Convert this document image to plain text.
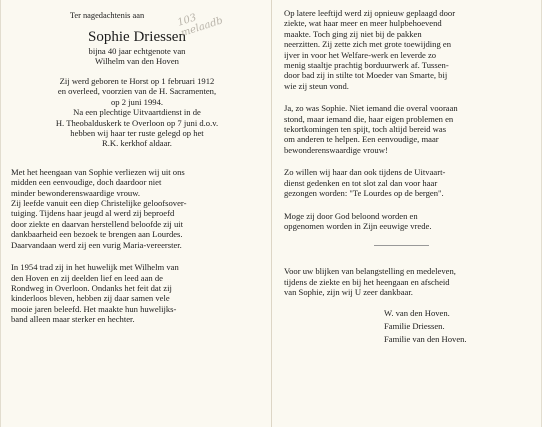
Ter nagedachtenis aan
Sophie Driessen
bijna 40 jaar echtgenote van
Wilhelm van den Hoven
103
melaadb

Zij werd geboren te Horst op 1 februari 1912

en overleed, voorzien van de H. Sacramenten,

op 2 juni 1994.

Na een plechtige Uitvaartdienst in de

H. Theobalduskerk te Overloon op 7 juni d.o.v.

hebben wij haar ter ruste gelegd op het

R.K. kerkhof aldaar.

Met het heengaan van Sophie verliezen wij uit ons

midden een eenvoudige, doch daardoor niet

minder bewonderenswaardige vrouw.

Zij leefde vanuit een diep Christelijke geloofsover-

tuiging. Tijdens haar jeugd al werd zij beproefd

door ziekte en daarvan herstellend beloofde zij uit

dankbaarheid een bezoek te brengen aan Lourdes.

Daarvandaan werd zij een vurig Maria-vereerster.

In 1954 trad zij in het huwelijk met Wilhelm van

den Hoven en zij deelden lief en leed aan de

Rondweg in Overloon. Ondanks het feit dat zij

kinderloos bleven, hebben zij daar samen vele

mooie jaren beleefd. Het maakte hun huwelijks-

band alleen maar sterker en hechter.

Op latere leeftijd werd zij opnieuw geplaagd door

ziekte, wat haar meer en meer hulpbehoevend

maakte. Toch ging zij niet bij de pakken

neerzitten. Zij zette zich met grote toewijding en

ijver in voor het Welfare-werk en leverde zo

menig staaltje prachtig borduurwerk af. Tussen-

door bad zij in stilte tot Moeder van Smarte, bij

wie zij steun vond.

Ja, zo was Sophie. Niet iemand die overal vooraan

stond, maar iemand die, haar eigen problemen en

tekortkomingen ten spijt, toch altijd bereid was

om anderen te helpen. Een eenvoudige, maar

bewonderenswaardige vrouw!

Zo willen wij haar dan ook tijdens de Uitvaart-

dienst gedenken en tot slot zal dan voor haar

gezongen worden: "Te Lourdes op de bergen".

Moge zij door God beloond worden en

opgenomen worden in Zijn eeuwige vrede.

Voor uw blijken van belangstelling en medeleven,

tijdens de ziekte en bij het heengaan en afscheid

van Sophie, zijn wij U zeer dankbaar.

W. van den Hoven.

Familie Driessen.

Familie van den Hoven.
